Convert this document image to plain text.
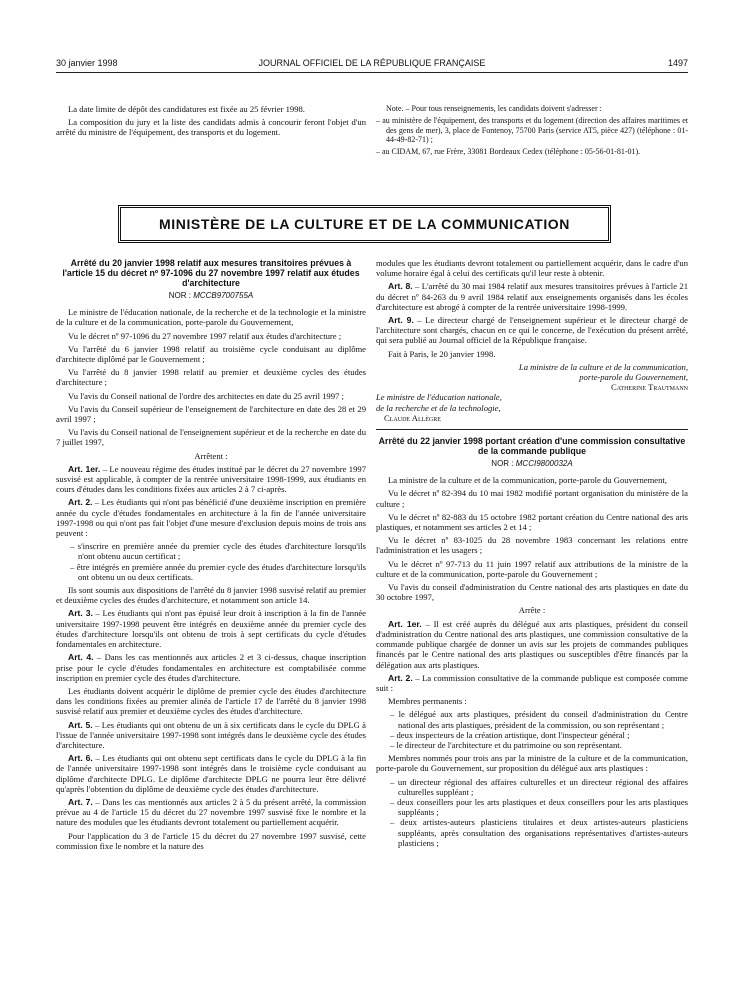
30 janvier 1998	JOURNAL OFFICIEL DE LA RÉPUBLIQUE FRANÇAISE	1497

La date limite de dépôt des candidatures est fixée au 25 février 1998.

La composition du jury et la liste des candidats admis à concourir feront l'objet d'un arrêté du ministre de l'équipement, des transports et du logement.

Note. – Pour tous renseignements, les candidats doivent s'adresser :

– au ministère de l'équipement, des transports et du logement (direction des affaires maritimes et des gens de mer), 3, place de Fontenoy, 75700 Paris (service AT5, pièce 427) (téléphone : 01-44-49-82-71) ;

– au CIDAM, 67, rue Frère, 33081 Bordeaux Cedex (téléphone : 05-56-01-81-01).

MINISTÈRE DE LA CULTURE ET DE LA COMMUNICATION

Arrêté du 20 janvier 1998 relatif aux mesures transitoires prévues à l'article 15 du décret nº 97-1096 du 27 novembre 1997 relatif aux études d'architecture

NOR : MCCB9700755A

Le ministre de l'éducation nationale, de la recherche et de la technologie et la ministre de la culture et de la communication, porte-parole du Gouvernement,

Vu le décret nº 97-1096 du 27 novembre 1997 relatif aux études d'architecture ;

Vu l'arrêté du 6 janvier 1998 relatif au troisième cycle conduisant au diplôme d'architecte diplômé par le Gouvernement ;

Vu l'arrêté du 8 janvier 1998 relatif au premier et deuxième cycles des études d'architecture ;

Vu l'avis du Conseil national de l'ordre des architectes en date du 25 avril 1997 ;

Vu l'avis du Conseil supérieur de l'enseignement de l'architecture en date des 28 et 29 avril 1997 ;

Vu l'avis du Conseil national de l'enseignement supérieur et de la recherche en date du 7 juillet 1997,

Arrêtent :

Art. 1er. – Le nouveau régime des études institué par le décret du 27 novembre 1997 susvisé est applicable, à compter de la rentrée universitaire 1998-1999, aux étudiants en cours d'études dans les conditions fixées aux articles 2 à 7 ci-après.

Art. 2. – Les étudiants qui n'ont pas bénéficié d'une deuxième inscription en première année du cycle d'études fondamentales en architecture à la fin de l'année universitaire 1997-1998 ou qui n'ont pas fait l'objet d'une mesure d'exclusion depuis moins de trois ans peuvent :

– s'inscrire en première année du premier cycle des études d'architecture lorsqu'ils n'ont obtenu aucun certificat ;
– être intégrés en première année du premier cycle des études d'architecture lorsqu'ils ont obtenu un ou deux certificats.

Ils sont soumis aux dispositions de l'arrêté du 8 janvier 1998 susvisé relatif au premier et deuxième cycles des études d'architecture, et notamment son article 14.

Art. 3. – Les étudiants qui n'ont pas épuisé leur droit à inscription à la fin de l'année universitaire 1997-1998 peuvent être intégrés en deuxième année du premier cycle des études d'architecture lorsqu'ils ont obtenu de trois à sept certificats du cycle d'études fondamentales en architecture.

Art. 4. – Dans les cas mentionnés aux articles 2 et 3 ci-dessus, chaque inscription prise pour le cycle d'études fondamentales en architecture est comptabilisée comme inscription en premier cycle des études d'architecture.

Les étudiants doivent acquérir le diplôme de premier cycle des études d'architecture dans les conditions fixées au premier alinéa de l'article 17 de l'arrêté du 8 janvier 1998 susvisé relatif aux premier et deuxième cycles des études d'architecture.

Art. 5. – Les étudiants qui ont obtenu de un à six certificats dans le cycle du DPLG à l'issue de l'année universitaire 1997-1998 sont intégrés dans le deuxième cycle des études d'architecture.

Art. 6. – Les étudiants qui ont obtenu sept certificats dans le cycle du DPLG à la fin de l'année universitaire 1997-1998 sont intégrés dans le troisième cycle conduisant au diplôme d'architecte DPLG. Le diplôme d'architecte DPLG ne pourra leur être délivré qu'après l'obtention du diplôme de deuxième cycle des études d'architecture.

Art. 7. – Dans les cas mentionnés aux articles 2 à 5 du présent arrêté, la commission prévue au 4 de l'article 15 du décret du 27 novembre 1997 susvisé fixe le nombre et la nature des modules que les étudiants devront totalement ou partiellement acquérir.

Pour l'application du 3 de l'article 15 du décret du 27 novembre 1997 susvisé, cette commission fixe le nombre et la nature des

modules que les étudiants devront totalement ou partiellement acquérir, dans le cadre d'un volume horaire égal à celui des certificats qu'il leur reste à obtenir.

Art. 8. – L'arrêté du 30 mai 1984 relatif aux mesures transitoires prévues à l'article 21 du décret nº 84-263 du 9 avril 1984 relatif aux enseignements organisés dans les écoles d'architecture est abrogé à compter de la rentrée universitaire 1998-1999.

Art. 9. – Le directeur chargé de l'enseignement supérieur et le directeur chargé de l'architecture sont chargés, chacun en ce qui le concerne, de l'exécution du présent arrêté, qui sera publié au Journal officiel de la République française.

Fait à Paris, le 20 janvier 1998.

La ministre de la culture et de la communication,

porte-parole du Gouvernement,

Catherine Trautmann

Le ministre de l'éducation nationale,

de la recherche et de la technologie,

Claude Allègre

Arrêté du 22 janvier 1998 portant création d'une commission consultative de la commande publique

NOR : MCCI9800032A

La ministre de la culture et de la communication, porte-parole du Gouvernement,

Vu le décret nº 82-394 du 10 mai 1982 modifié portant organisation du ministère de la culture ;

Vu le décret nº 82-883 du 15 octobre 1982 portant création du Centre national des arts plastiques, et notamment ses articles 2 et 14 ;

Vu le décret nº 83-1025 du 28 novembre 1983 concernant les relations entre l'administration et les usagers ;

Vu le décret nº 97-713 du 11 juin 1997 relatif aux attributions de la ministre de la culture et de la communication, porte-parole du Gouvernement ;

Vu l'avis du conseil d'administration du Centre national des arts plastiques en date du 30 octobre 1997,

Arrête :

Art. 1er. – Il est créé auprès du délégué aux arts plastiques, président du conseil d'administration du Centre national des arts plastiques, une commission consultative de la commande publique chargée de donner un avis sur les projets de commandes publiques financés par le Centre national des arts plastiques ou susceptibles d'être financés par la délégation aux arts plastiques.

Art. 2. – La commission consultative de la commande publique est composée comme suit :

Membres permanents :

– le délégué aux arts plastiques, président du conseil d'administration du Centre national des arts plastiques, président de la commission, ou son représentant ;
– deux inspecteurs de la création artistique, dont l'inspecteur général ;
– le directeur de l'architecture et du patrimoine ou son représentant.

Membres nommés pour trois ans par la ministre de la culture et de la communication, porte-parole du Gouvernement, sur proposition du délégué aux arts plastiques :

– un directeur régional des affaires culturelles et un directeur régional des affaires culturelles suppléant ;
– deux conseillers pour les arts plastiques et deux conseillers pour les arts plastiques suppléants ;
– deux artistes-auteurs plasticiens titulaires et deux artistes-auteurs plasticiens suppléants, après consultation des organisations représentatives d'artistes-auteurs plasticiens ;
